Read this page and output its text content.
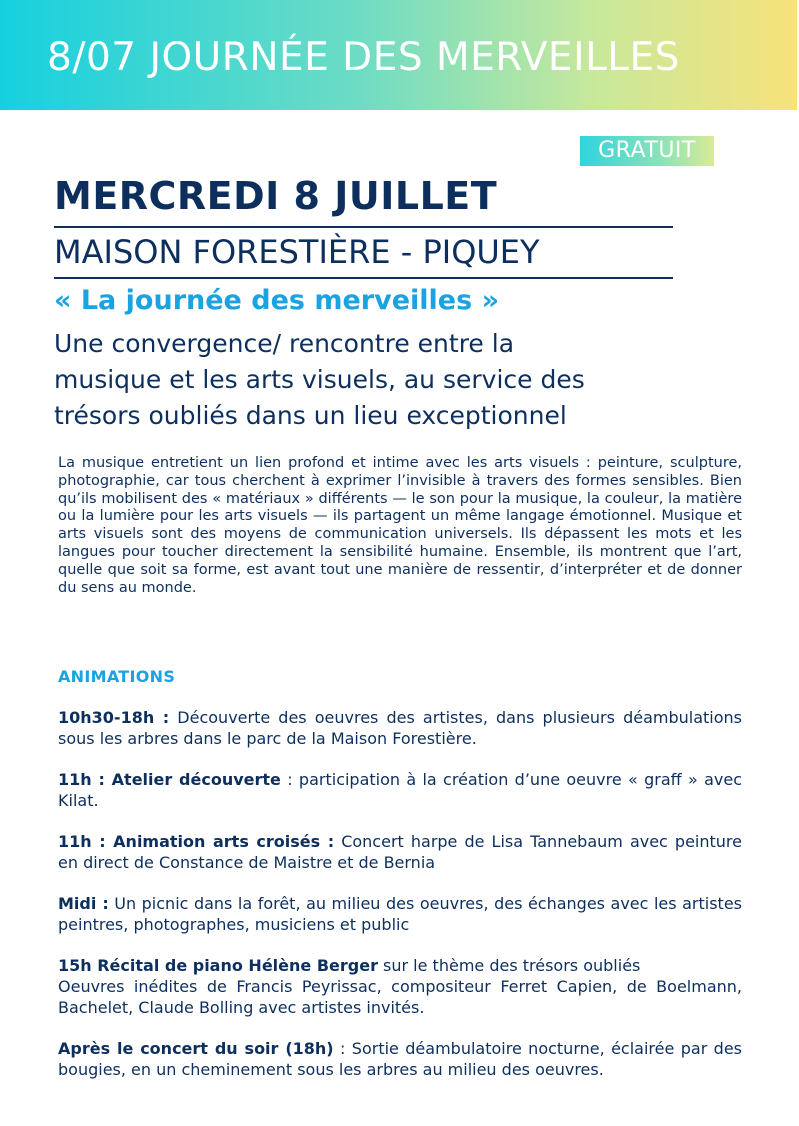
8/07 JOURNÉE DES MERVEILLES
GRATUIT
MERCREDI 8 JUILLET
MAISON FORESTIÈRE - PIQUEY
« La journée des merveilles »
Une convergence/ rencontre entre la
musique et les arts visuels, au service des
trésors oubliés dans un lieu exceptionnel
La musique entretient un lien profond et intime avec les arts visuels : peinture, sculpture, photographie, car tous cherchent à exprimer l’invisible à travers des formes sensibles. Bien qu’ils mobilisent des « matériaux » différents — le son pour la musique, la couleur, la matière ou la lumière pour les arts visuels — ils partagent un même langage émotionnel. Musique et arts visuels sont des moyens de communication universels. Ils dépassent les mots et les langues pour toucher directement la sensibilité humaine. Ensemble, ils montrent que l’art, quelle que soit sa forme, est avant tout une manière de ressentir, d’interpréter et de donner du sens au monde.
ANIMATIONS
10h30-18h : Découverte des oeuvres des artistes, dans plusieurs déambulations sous les arbres dans le parc de la Maison Forestière.
11h : Atelier découverte : participation à la création d’une oeuvre « graff » avec Kilat.
11h : Animation arts croisés : Concert harpe de Lisa Tannebaum avec peinture en direct de Constance de Maistre et de Bernia
Midi : Un picnic dans la forêt, au milieu des oeuvres, des échanges avec les artistes peintres, photographes, musiciens et public
15h Récital de piano Hélène Berger sur le thème des trésors oubliés
Oeuvres inédites de Francis Peyrissac, compositeur Ferret Capien, de Boelmann, Bachelet, Claude Bolling avec artistes invités.
Après le concert du soir (18h) : Sortie déambulatoire nocturne, éclairée par des bougies, en un cheminement sous les arbres au milieu des oeuvres.
